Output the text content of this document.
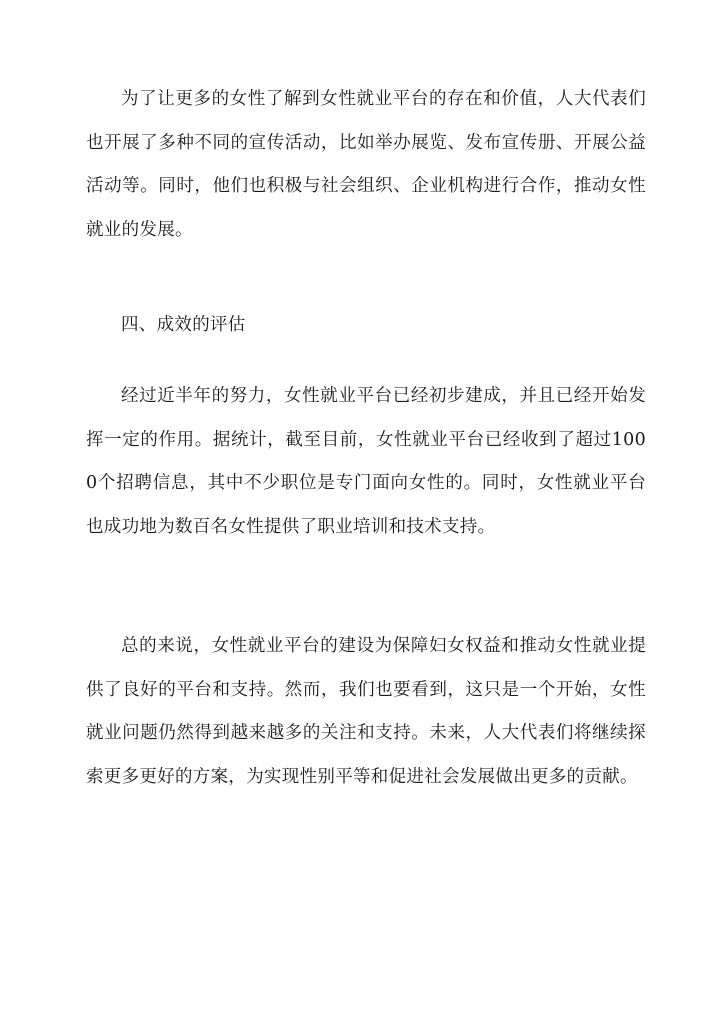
为了让更多的女性了解到女性就业平台的存在和价值，人大代表们也开展了多种不同的宣传活动，比如举办展览、发布宣传册、开展公益活动等。同时，他们也积极与社会组织、企业机构进行合作，推动女性就业的发展。

四、成效的评估

经过近半年的努力，女性就业平台已经初步建成，并且已经开始发挥一定的作用。据统计，截至目前，女性就业平台已经收到了超过1000个招聘信息，其中不少职位是专门面向女性的。同时，女性就业平台也成功地为数百名女性提供了职业培训和技术支持。

总的来说，女性就业平台的建设为保障妇女权益和推动女性就业提供了良好的平台和支持。然而，我们也要看到，这只是一个开始，女性就业问题仍然得到越来越多的关注和支持。未来，人大代表们将继续探索更多更好的方案，为实现性别平等和促进社会发展做出更多的贡献。
